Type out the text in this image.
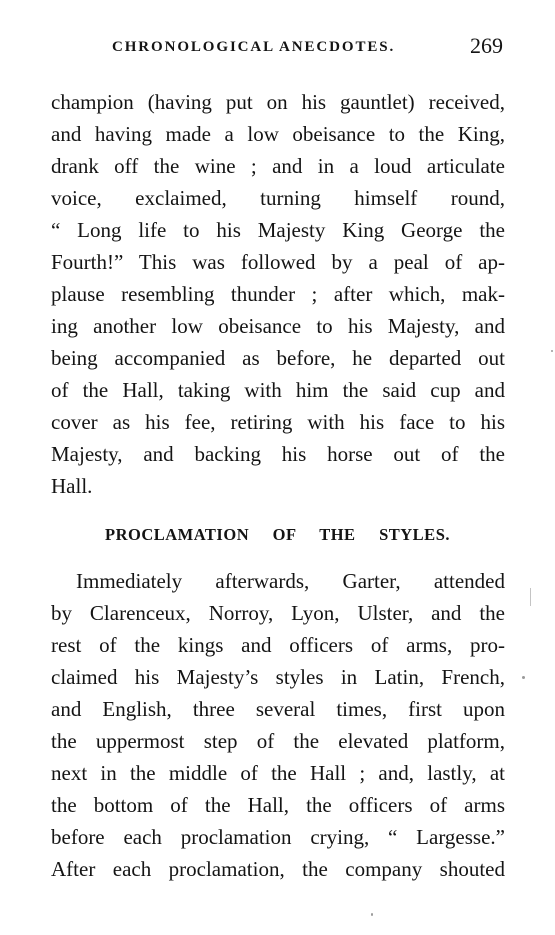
CHRONOLOGICAL ANECDOTES.	269
champion (having put on his gauntlet) received,
and having made a low obeisance to the King,
drank off the wine ; and in a loud articulate
voice, exclaimed, turning himself round,
“ Long life to his Majesty King George the
Fourth!” This was followed by a peal of ap-
plause resembling thunder ; after which, mak-
ing another low obeisance to his Majesty, and
being accompanied as before, he departed out
of the Hall, taking with him the said cup and
cover as his fee, retiring with his face to his
Majesty, and backing his horse out of the
Hall.
PROCLAMATION OF THE STYLES.
Immediately afterwards, Garter, attended
by Clarenceux, Norroy, Lyon, Ulster, and the
rest of the kings and officers of arms, pro-
claimed his Majesty’s styles in Latin, French,
and English, three several times, first upon
the uppermost step of the elevated platform,
next in the middle of the Hall ; and, lastly, at
the bottom of the Hall, the officers of arms
before each proclamation crying, “ Largesse.”
After each proclamation, the company shouted
